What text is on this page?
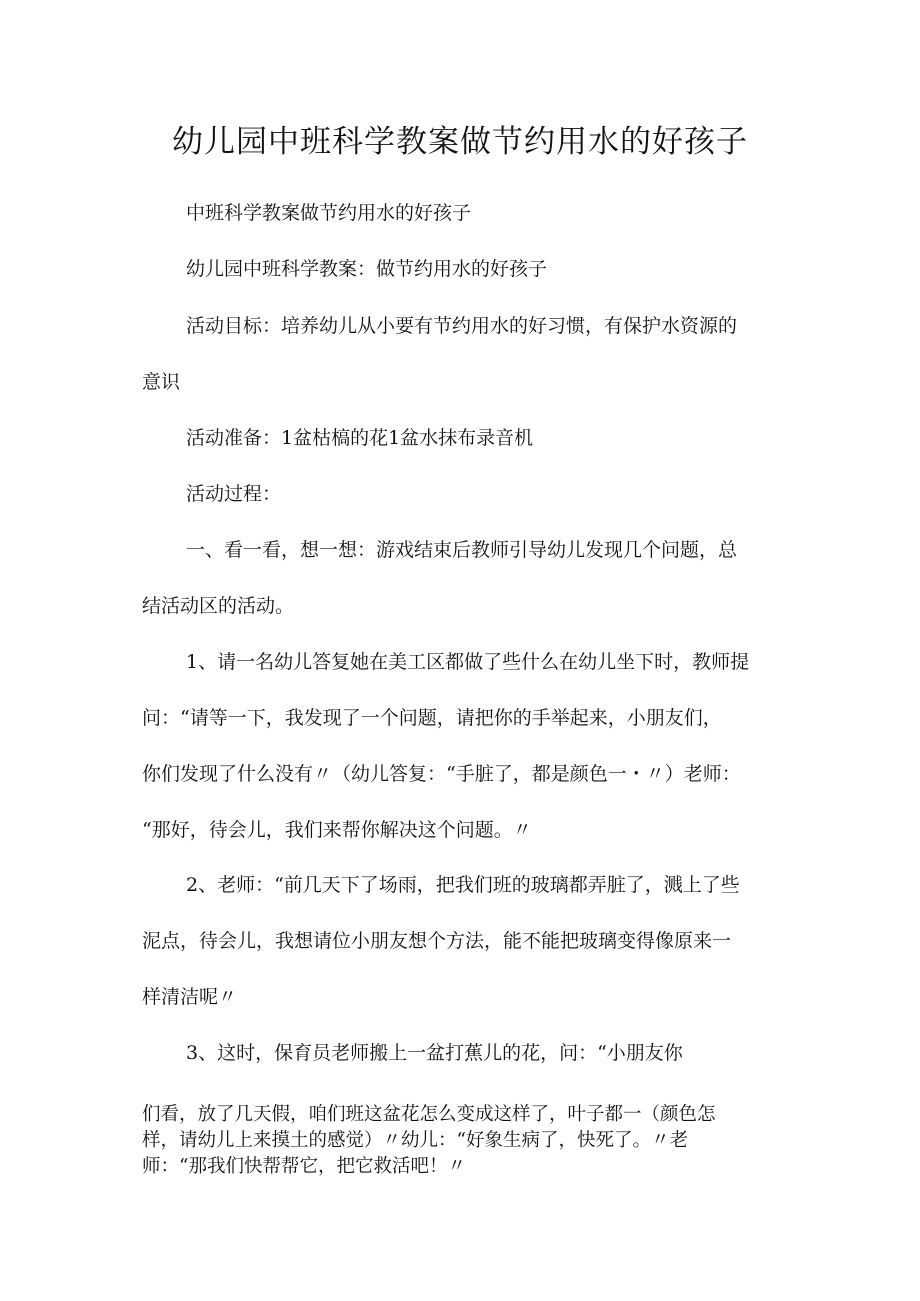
幼儿园中班科学教案做节约用水的好孩子
中班科学教案做节约用水的好孩子
幼儿园中班科学教案：做节约用水的好孩子
活动目标：培养幼儿从小要有节约用水的好习惯，有保护水资源的
意识
活动准备：1盆枯槁的花1盆水抹布录音机
活动过程：
一、看一看，想一想：游戏结束后教师引导幼儿发现几个问题，总
结活动区的活动。
1、请一名幼儿答复她在美工区都做了些什么在幼儿坐下时，教师提
问：“请等一下，我发现了一个问题，请把你的手举起来，小朋友们，
你们发现了什么没有〃（幼儿答复：“手脏了，都是颜色一・〃）老师：
“那好，待会儿，我们来帮你解决这个问题。〃
2、老师：“前几天下了场雨，把我们班的玻璃都弄脏了，溅上了些
泥点，待会儿，我想请位小朋友想个方法，能不能把玻璃变得像原来一
样清洁呢〃
3、这时，保育员老师搬上一盆打蕉儿的花，问：“小朋友你
们看，放了几天假，咱们班这盆花怎么变成这样了，叶子都一（颜色怎
样，请幼儿上来摸土的感觉）〃幼儿：“好象生病了，快死了。〃老
师：“那我们快帮帮它，把它救活吧！〃
